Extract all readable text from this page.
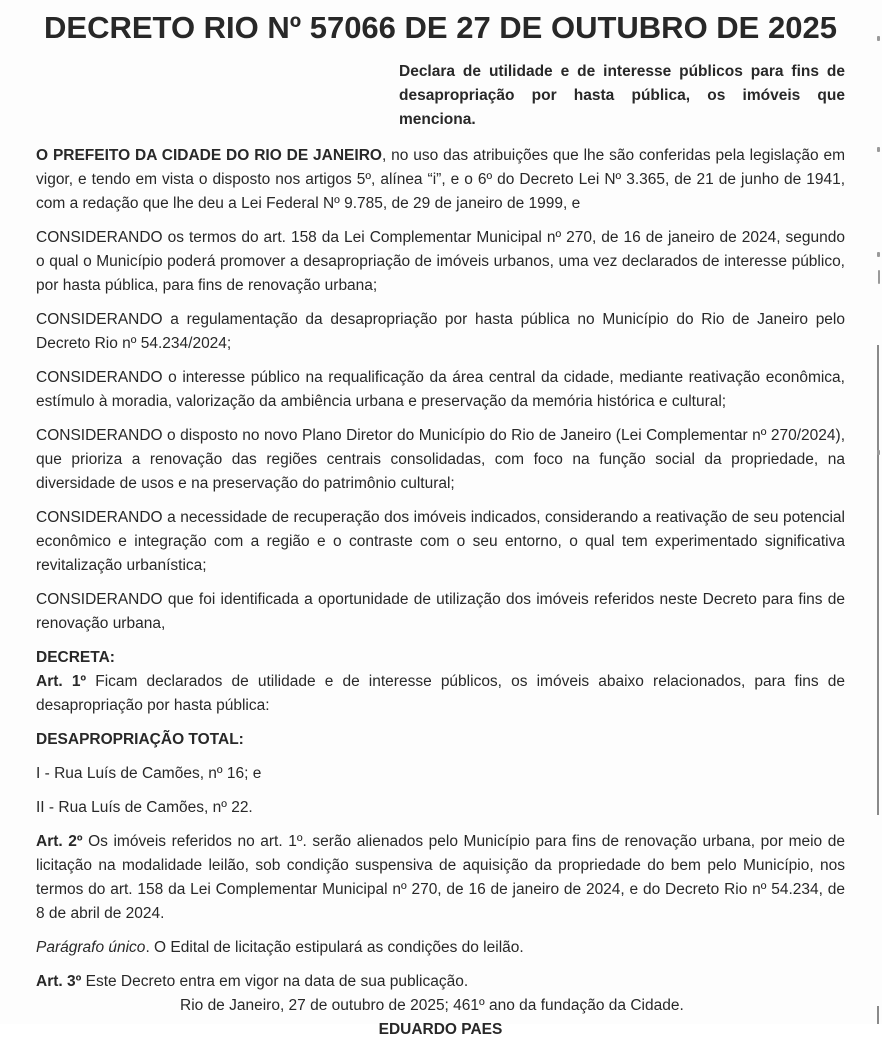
DECRETO RIO Nº 57066 DE 27 DE OUTUBRO DE 2025

Declara de utilidade e de interesse públicos para fins de desapropriação por hasta pública, os imóveis que menciona.

O PREFEITO DA CIDADE DO RIO DE JANEIRO, no uso das atribuições que lhe são conferidas pela legislação em vigor, e tendo em vista o disposto nos artigos 5º, alínea “i”, e o 6º do Decreto Lei Nº 3.365, de 21 de junho de 1941, com a redação que lhe deu a Lei Federal Nº 9.785, de 29 de janeiro de 1999, e

CONSIDERANDO os termos do art. 158 da Lei Complementar Municipal nº 270, de 16 de janeiro de 2024, segundo o qual o Município poderá promover a desapropriação de imóveis urbanos, uma vez declarados de interesse público, por hasta pública, para fins de renovação urbana;

CONSIDERANDO a regulamentação da desapropriação por hasta pública no Município do Rio de Janeiro pelo Decreto Rio nº 54.234/2024;

CONSIDERANDO o interesse público na requalificação da área central da cidade, mediante reativação econômica, estímulo à moradia, valorização da ambiência urbana e preservação da memória histórica e cultural;

CONSIDERANDO o disposto no novo Plano Diretor do Município do Rio de Janeiro (Lei Complementar nº 270/2024), que prioriza a renovação das regiões centrais consolidadas, com foco na função social da propriedade, na diversidade de usos e na preservação do patrimônio cultural;

CONSIDERANDO a necessidade de recuperação dos imóveis indicados, considerando a reativação de seu potencial econômico e integração com a região e o contraste com o seu entorno, o qual tem experimentado significativa revitalização urbanística;

CONSIDERANDO que foi identificada a oportunidade de utilização dos imóveis referidos neste Decreto para fins de renovação urbana,

DECRETA:

Art. 1º Ficam declarados de utilidade e de interesse públicos, os imóveis abaixo relacionados, para fins de desapropriação por hasta pública:

DESAPROPRIAÇÃO TOTAL:

I - Rua Luís de Camões, nº 16; e

II - Rua Luís de Camões, nº 22.

Art. 2º Os imóveis referidos no art. 1º. serão alienados pelo Município para fins de renovação urbana, por meio de licitação na modalidade leilão, sob condição suspensiva de aquisição da propriedade do bem pelo Município, nos termos do art. 158 da Lei Complementar Municipal nº 270, de 16 de janeiro de 2024, e do Decreto Rio nº 54.234, de 8 de abril de 2024.

Parágrafo único. O Edital de licitação estipulará as condições do leilão.

Art. 3º Este Decreto entra em vigor na data de sua publicação.

Rio de Janeiro, 27 de outubro de 2025; 461º ano da fundação da Cidade.

EDUARDO PAES
